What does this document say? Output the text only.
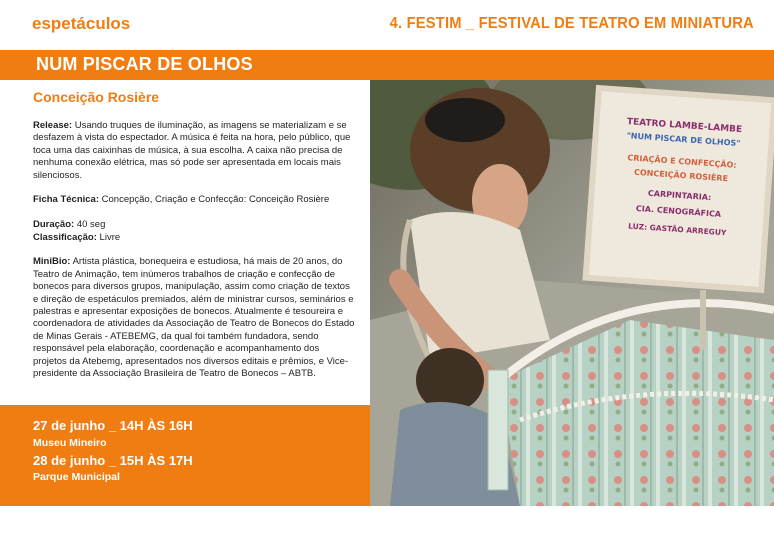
espetáculos	4. FESTIM _ FESTIVAL DE TEATRO EM MINIATURA
NUM PISCAR DE OLHOS
Conceição Rosière

Release: Usando truques de iluminação, as imagens se materializam e se desfazem à vista do espectador. A música é feita na hora, pelo público, que toca uma das caixinhas de música, à sua escolha. A caixa não precisa de nenhuma conexão elétrica, mas só pode ser apresentada em locais mais silenciosos.

Ficha Técnica: Concepção, Criação e Confecção: Conceição Rosière

Duração: 40 seg
Classificação: Livre

MiniBio: Artista plástica, bonequeira e estudiosa, há mais de 20 anos, do Teatro de Animação, tem inúmeros trabalhos de criação e confecção de bonecos para diversos grupos, manipulação, assim como criação de textos e direção de espetáculos premiados, além de ministrar cursos, seminários e palestras e apresentar exposições de bonecos. Atualmente é tesoureira e coordenadora de atividades da Associação de Teatro de Bonecos do Estado de Minas Gerais - ATEBEMG, da qual foi também fundadora, sendo responsável pela elaboração, coordenação e acompanhamento dos projetos da Atebemg, apresentados nos diversos editais e prêmios, e Vice-presidente da Associação Brasileira de Teatro de Bonecos – ABTB.

27 de junho _ 14H ÀS 16H
Museu Mineiro
28 de junho _ 15H ÀS 17H
Parque Municipal
TEATRO LAMBE-LAMBE
"NUM PISCAR DE OLHOS"
CRIAÇÃO E CONFECÇÃO:
CONCEIÇÃO ROSIÈRE
CARPINTARIA:
CIA. CENOGRÁFICA
LUZ: GASTÃO ARREGUY
